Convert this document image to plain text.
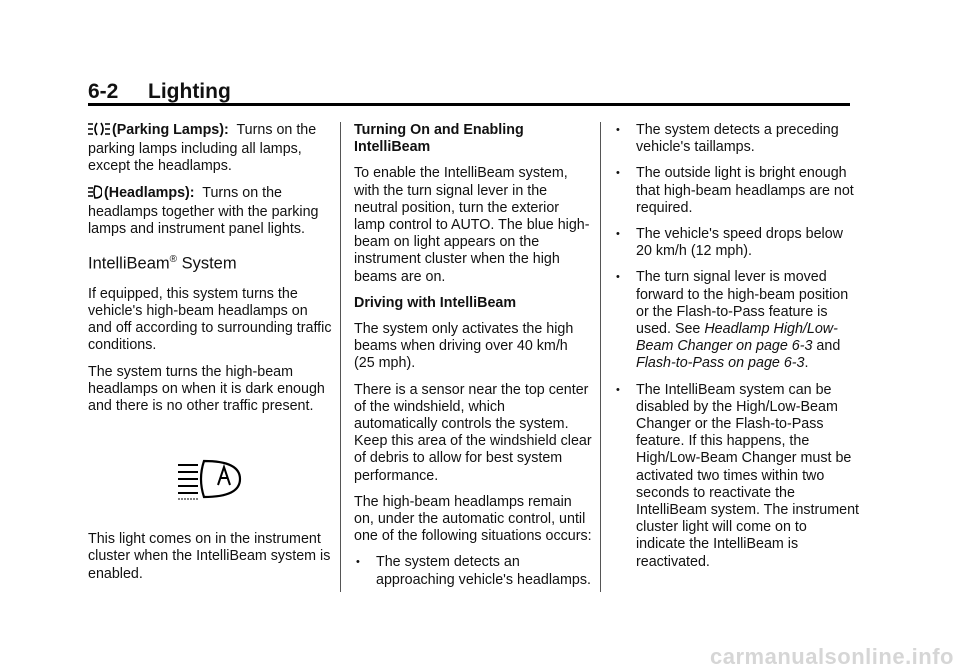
6-2 Lighting

(Parking Lamps): Turns on the parking lamps including all lamps, except the headlamps.

(Headlamps): Turns on the headlamps together with the parking lamps and instrument panel lights.

IntelliBeam® System

If equipped, this system turns the vehicle's high-beam headlamps on and off according to surrounding traffic conditions.

The system turns the high-beam headlamps on when it is dark enough and there is no other traffic present.

This light comes on in the instrument cluster when the IntelliBeam system is enabled.

Turning On and Enabling IntelliBeam

To enable the IntelliBeam system, with the turn signal lever in the neutral position, turn the exterior lamp control to AUTO. The blue high-beam on light appears on the instrument cluster when the high beams are on.

Driving with IntelliBeam

The system only activates the high beams when driving over 40 km/h (25 mph).

There is a sensor near the top center of the windshield, which automatically controls the system. Keep this area of the windshield clear of debris to allow for best system performance.

The high-beam headlamps remain on, under the automatic control, until one of the following situations occurs:

• The system detects an approaching vehicle's headlamps.
• The system detects a preceding vehicle's taillamps.
• The outside light is bright enough that high-beam headlamps are not required.
• The vehicle's speed drops below 20 km/h (12 mph).
• The turn signal lever is moved forward to the high-beam position or the Flash-to-Pass feature is used. See Headlamp High/Low-Beam Changer on page 6-3 and Flash-to-Pass on page 6-3.
• The IntelliBeam system can be disabled by the High/Low-Beam Changer or the Flash-to-Pass feature. If this happens, the High/Low-Beam Changer must be activated two times within two seconds to reactivate the IntelliBeam system. The instrument cluster light will come on to indicate the IntelliBeam is reactivated.
carmanualsonline.info
